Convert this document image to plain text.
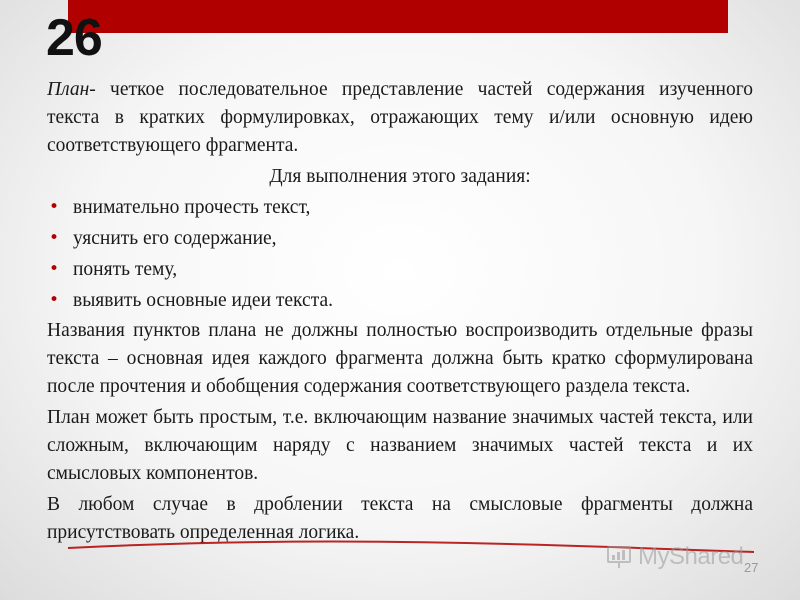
26

План- четкое последовательное представление частей содержания изученного текста в кратких формулировках, отражающих тему и/или основную идею соответствующего фрагмента.

Для выполнения этого задания:

• внимательно прочесть текст,
• уяснить его содержание,
• понять тему,
• выявить основные идеи текста.

Названия пунктов плана не должны полностью воспроизводить отдельные фразы текста – основная идея каждого фрагмента должна быть кратко сформулирована после прочтения и обобщения содержания соответствующего раздела текста.

План может быть простым, т.е. включающим название значимых частей текста, или сложным, включающим наряду с названием значимых частей текста и их смысловых компонентов.

В любом случае в дроблении текста на смысловые фрагменты должна присутствовать определенная логика.

MyShared 27
